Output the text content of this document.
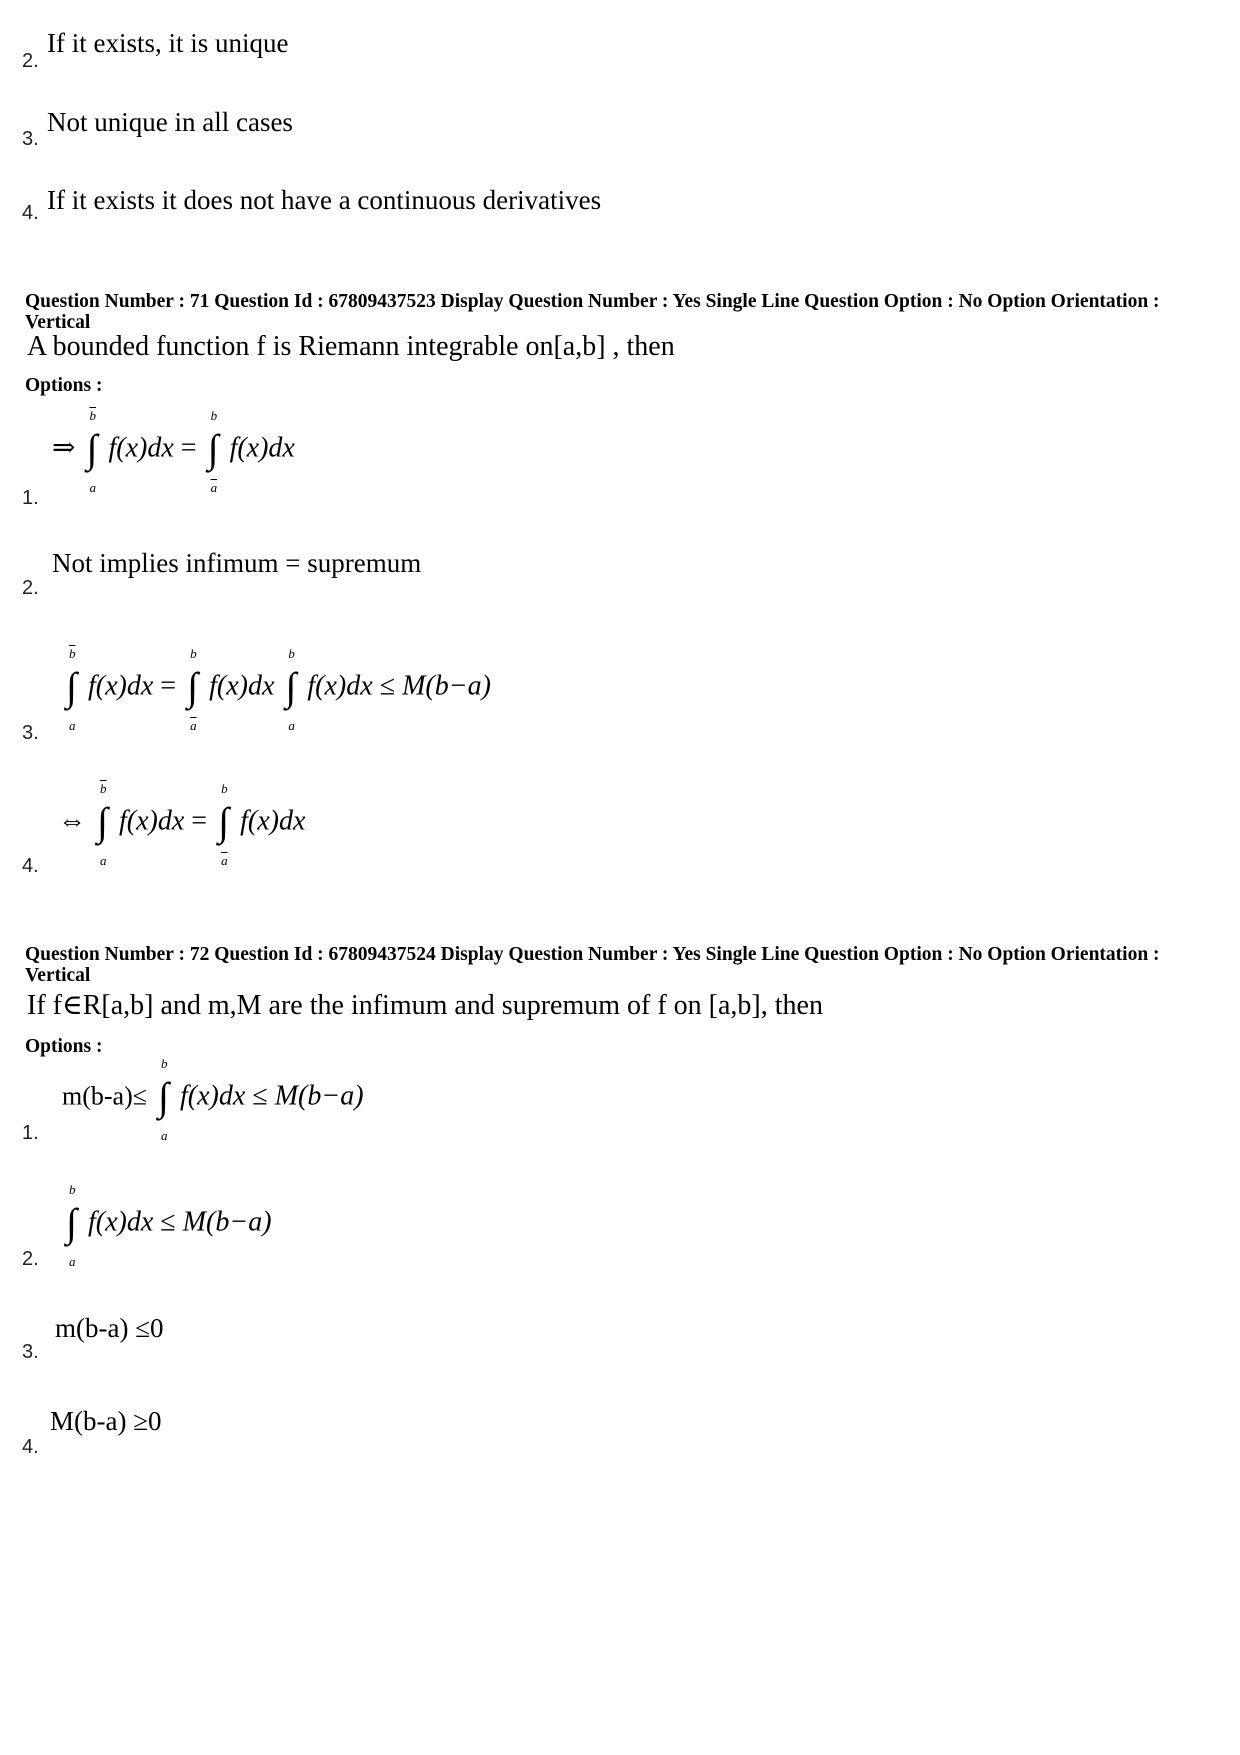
If it exists, it is unique
2.
Not unique in all cases
3.
If it exists it does not have a continuous derivatives
4.
Question Number : 71 Question Id : 67809437523 Display Question Number : Yes Single Line Question Option : No Option Orientation : Vertical
A bounded function f is Riemann integrable on[a,b] , then
Options :
⇒
$\overline{b}$
∫
a
f(x)dx =
b
∫
$\overline{a}$
f(x)dx
1.
Not implies infimum = supremum
2.
$\overline{b}$
∫
a
f(x)dx =
b
∫
$\overline{a}$
f(x)dx
b
∫
a
f(x)dx ≤ M(b−a)
3.
⇔
$\overline{b}$
∫
a
f(x)dx =
b
∫
$\overline{a}$
f(x)dx
4.
Question Number : 72 Question Id : 67809437524 Display Question Number : Yes Single Line Question Option : No Option Orientation : Vertical
If f∈R[a,b] and m,M are the infimum and supremum of f on [a,b], then
Options :
m(b-a)≤
b
∫
a
f(x)dx ≤ M(b−a)
1.
b
∫
a
f(x)dx ≤ M(b−a)
2.
m(b-a) ≤0
3.
M(b-a) ≥0
4.
